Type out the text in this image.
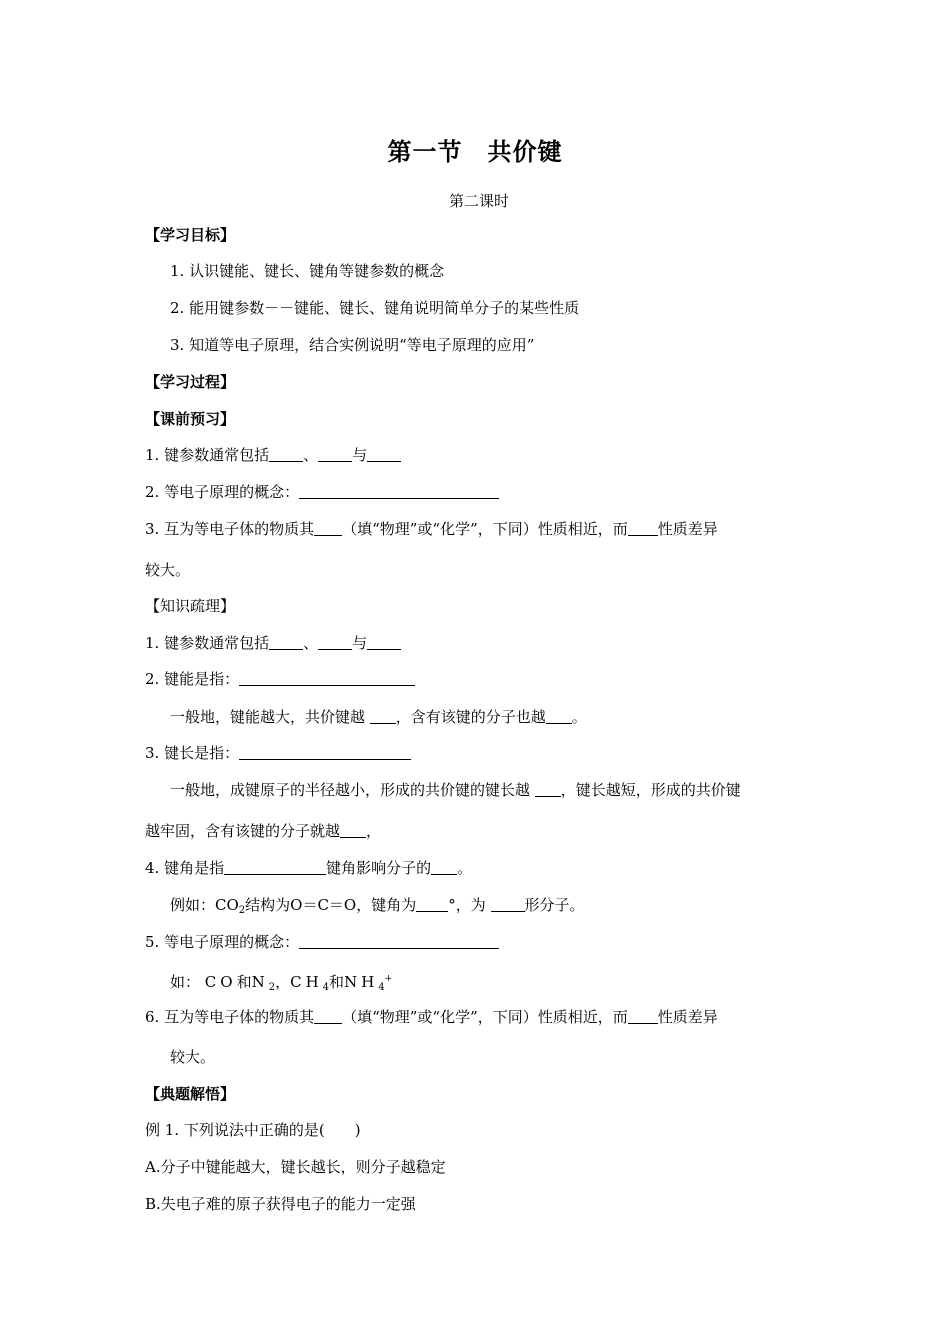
第一节　共价键
第二课时
【学习目标】
1. 认识键能、键长、键角等键参数的概念
2. 能用键参数－－键能、键长、键角说明简单分子的某些性质
3. 知道等电子原理，结合实例说明“等电子原理的应用”
【学习过程】
【课前预习】
1. 键参数通常包括 、 与
2. 等电子原理的概念：
3. 互为等电子体的物质其 （填“物理”或“化学”，下同）性质相近，而 性质差异
较大。
【知识疏理】
1. 键参数通常包括 、 与
2. 键能是指：
一般地，键能越大，共价键越 ，含有该键的分子也越 。
3. 键长是指：
一般地，成键原子的半径越小，形成的共价键的键长越 ，键长越短，形成的共价键
越牢固，含有该键的分子就越 ，
4. 键角是指	键角影响分子的 。
例如：$CO_2$结构为O＝C＝O，键角为 °，为 形分子。
5. 等电子原理的概念：
如： CO和$N_2$，$CH_4$和$NH_4^+$
6. 互为等电子体的物质其 （填“物理”或“化学”，下同）性质相近，而 性质差异
较大。
【典题解悟】
例 1. 下列说法中正确的是(　　)
A.分子中键能越大，键长越长，则分子越稳定
B.失电子难的原子获得电子的能力一定强
